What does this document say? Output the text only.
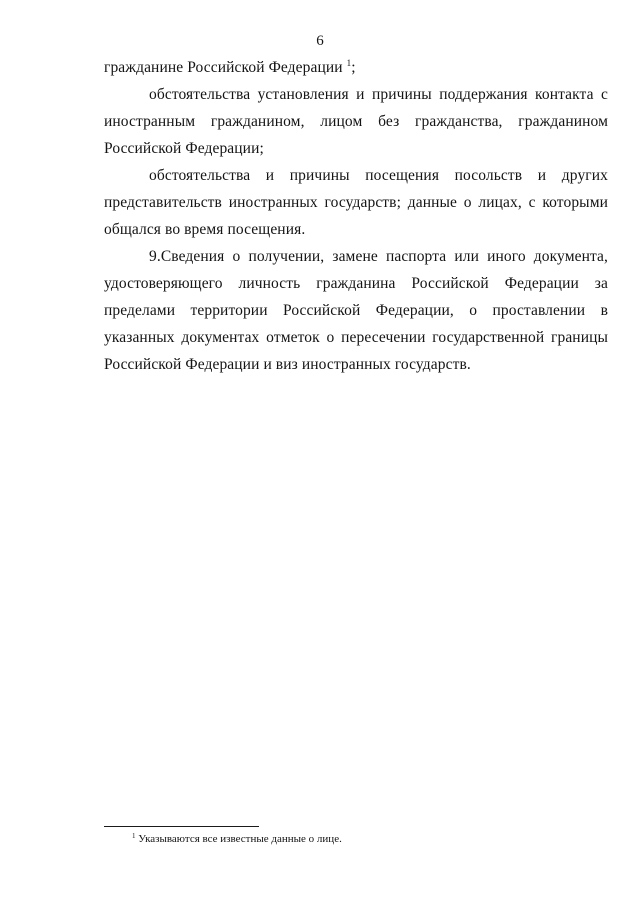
6

гражданине Российской Федерации $^1$;

обстоятельства установления и причины поддержания контакта с иностранным гражданином, лицом без гражданства, гражданином Российской Федерации;

обстоятельства и причины посещения посольств и других представительств иностранных государств; данные о лицах, с которыми общался во время посещения.

9.Сведения о получении, замене паспорта или иного документа, удостоверяющего личность гражданина Российской Федерации за пределами территории Российской Федерации, о проставлении в указанных документах отметок о пересечении государственной границы Российской Федерации и виз иностранных государств.

$^1$ Указываются все известные данные о лице.
